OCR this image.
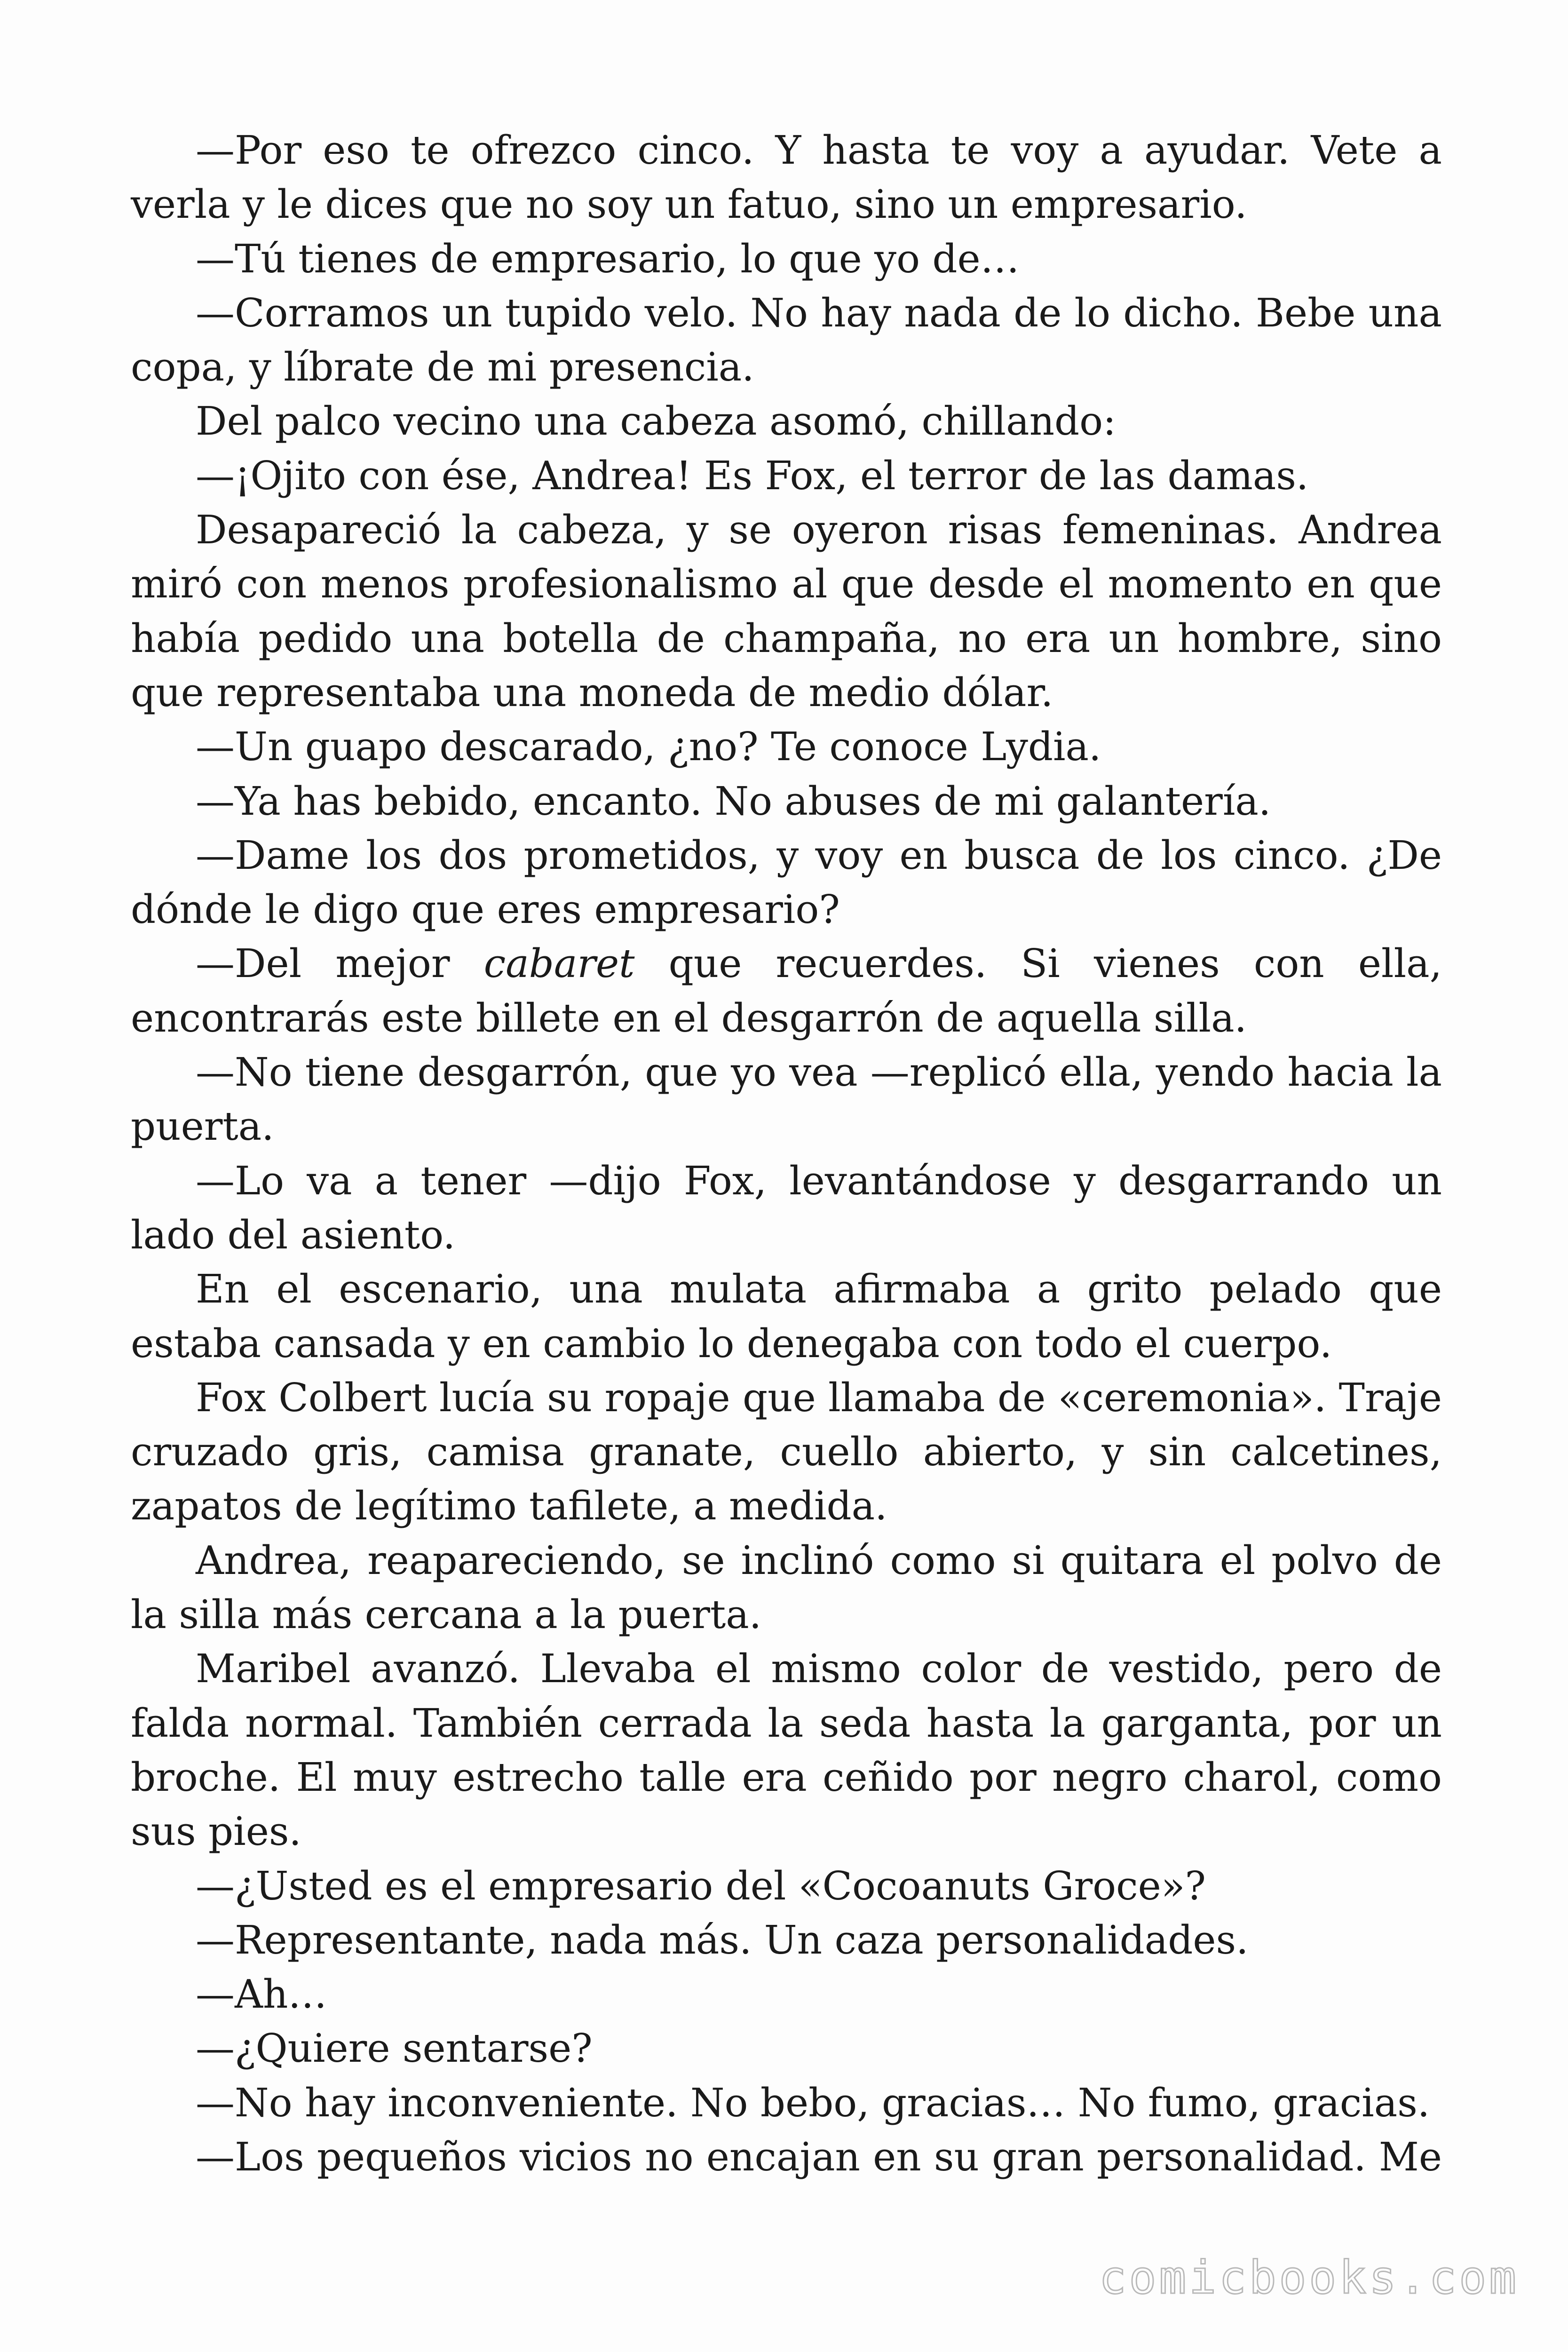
—Por eso te ofrezco cinco. Y hasta te voy a ayudar. Vete a verla y le dices que no soy un fatuo, sino un empresario.

—Tú tienes de empresario, lo que yo de…

—Corramos un tupido velo. No hay nada de lo dicho. Bebe una copa, y líbrate de mi presencia.

Del palco vecino una cabeza asomó, chillando:

—¡Ojito con ése, Andrea! Es Fox, el terror de las damas.

Desapareció la cabeza, y se oyeron risas femeninas. Andrea miró con menos profesionalismo al que desde el momento en que había pedido una botella de champaña, no era un hombre, sino que representaba una moneda de medio dólar.

—Un guapo descarado, ¿no? Te conoce Lydia.

—Ya has bebido, encanto. No abuses de mi galantería.

—Dame los dos prometidos, y voy en busca de los cinco. ¿De dónde le digo que eres empresario?

—Del mejor cabaret que recuerdes. Si vienes con ella, encontrarás este billete en el desgarrón de aquella silla.

—No tiene desgarrón, que yo vea —replicó ella, yendo hacia la puerta.

—Lo va a tener —dijo Fox, levantándose y desgarrando un lado del asiento.

En el escenario, una mulata afirmaba a grito pelado que estaba cansada y en cambio lo denegaba con todo el cuerpo.

Fox Colbert lucía su ropaje que llamaba de «ceremonia». Traje cruzado gris, camisa granate, cuello abierto, y sin calcetines, zapatos de legítimo tafilete, a medida.

Andrea, reapareciendo, se inclinó como si quitara el polvo de la silla más cercana a la puerta.

Maribel avanzó. Llevaba el mismo color de vestido, pero de falda normal. También cerrada la seda hasta la garganta, por un broche. El muy estrecho talle era ceñido por negro charol, como sus pies.

—¿Usted es el empresario del «Cocoanuts Groce»?

—Representante, nada más. Un caza personalidades.

—Ah…

—¿Quiere sentarse?

—No hay inconveniente. No bebo, gracias… No fumo, gracias.

—Los pequeños vicios no encajan en su gran personalidad. Me

comicbooks.com
